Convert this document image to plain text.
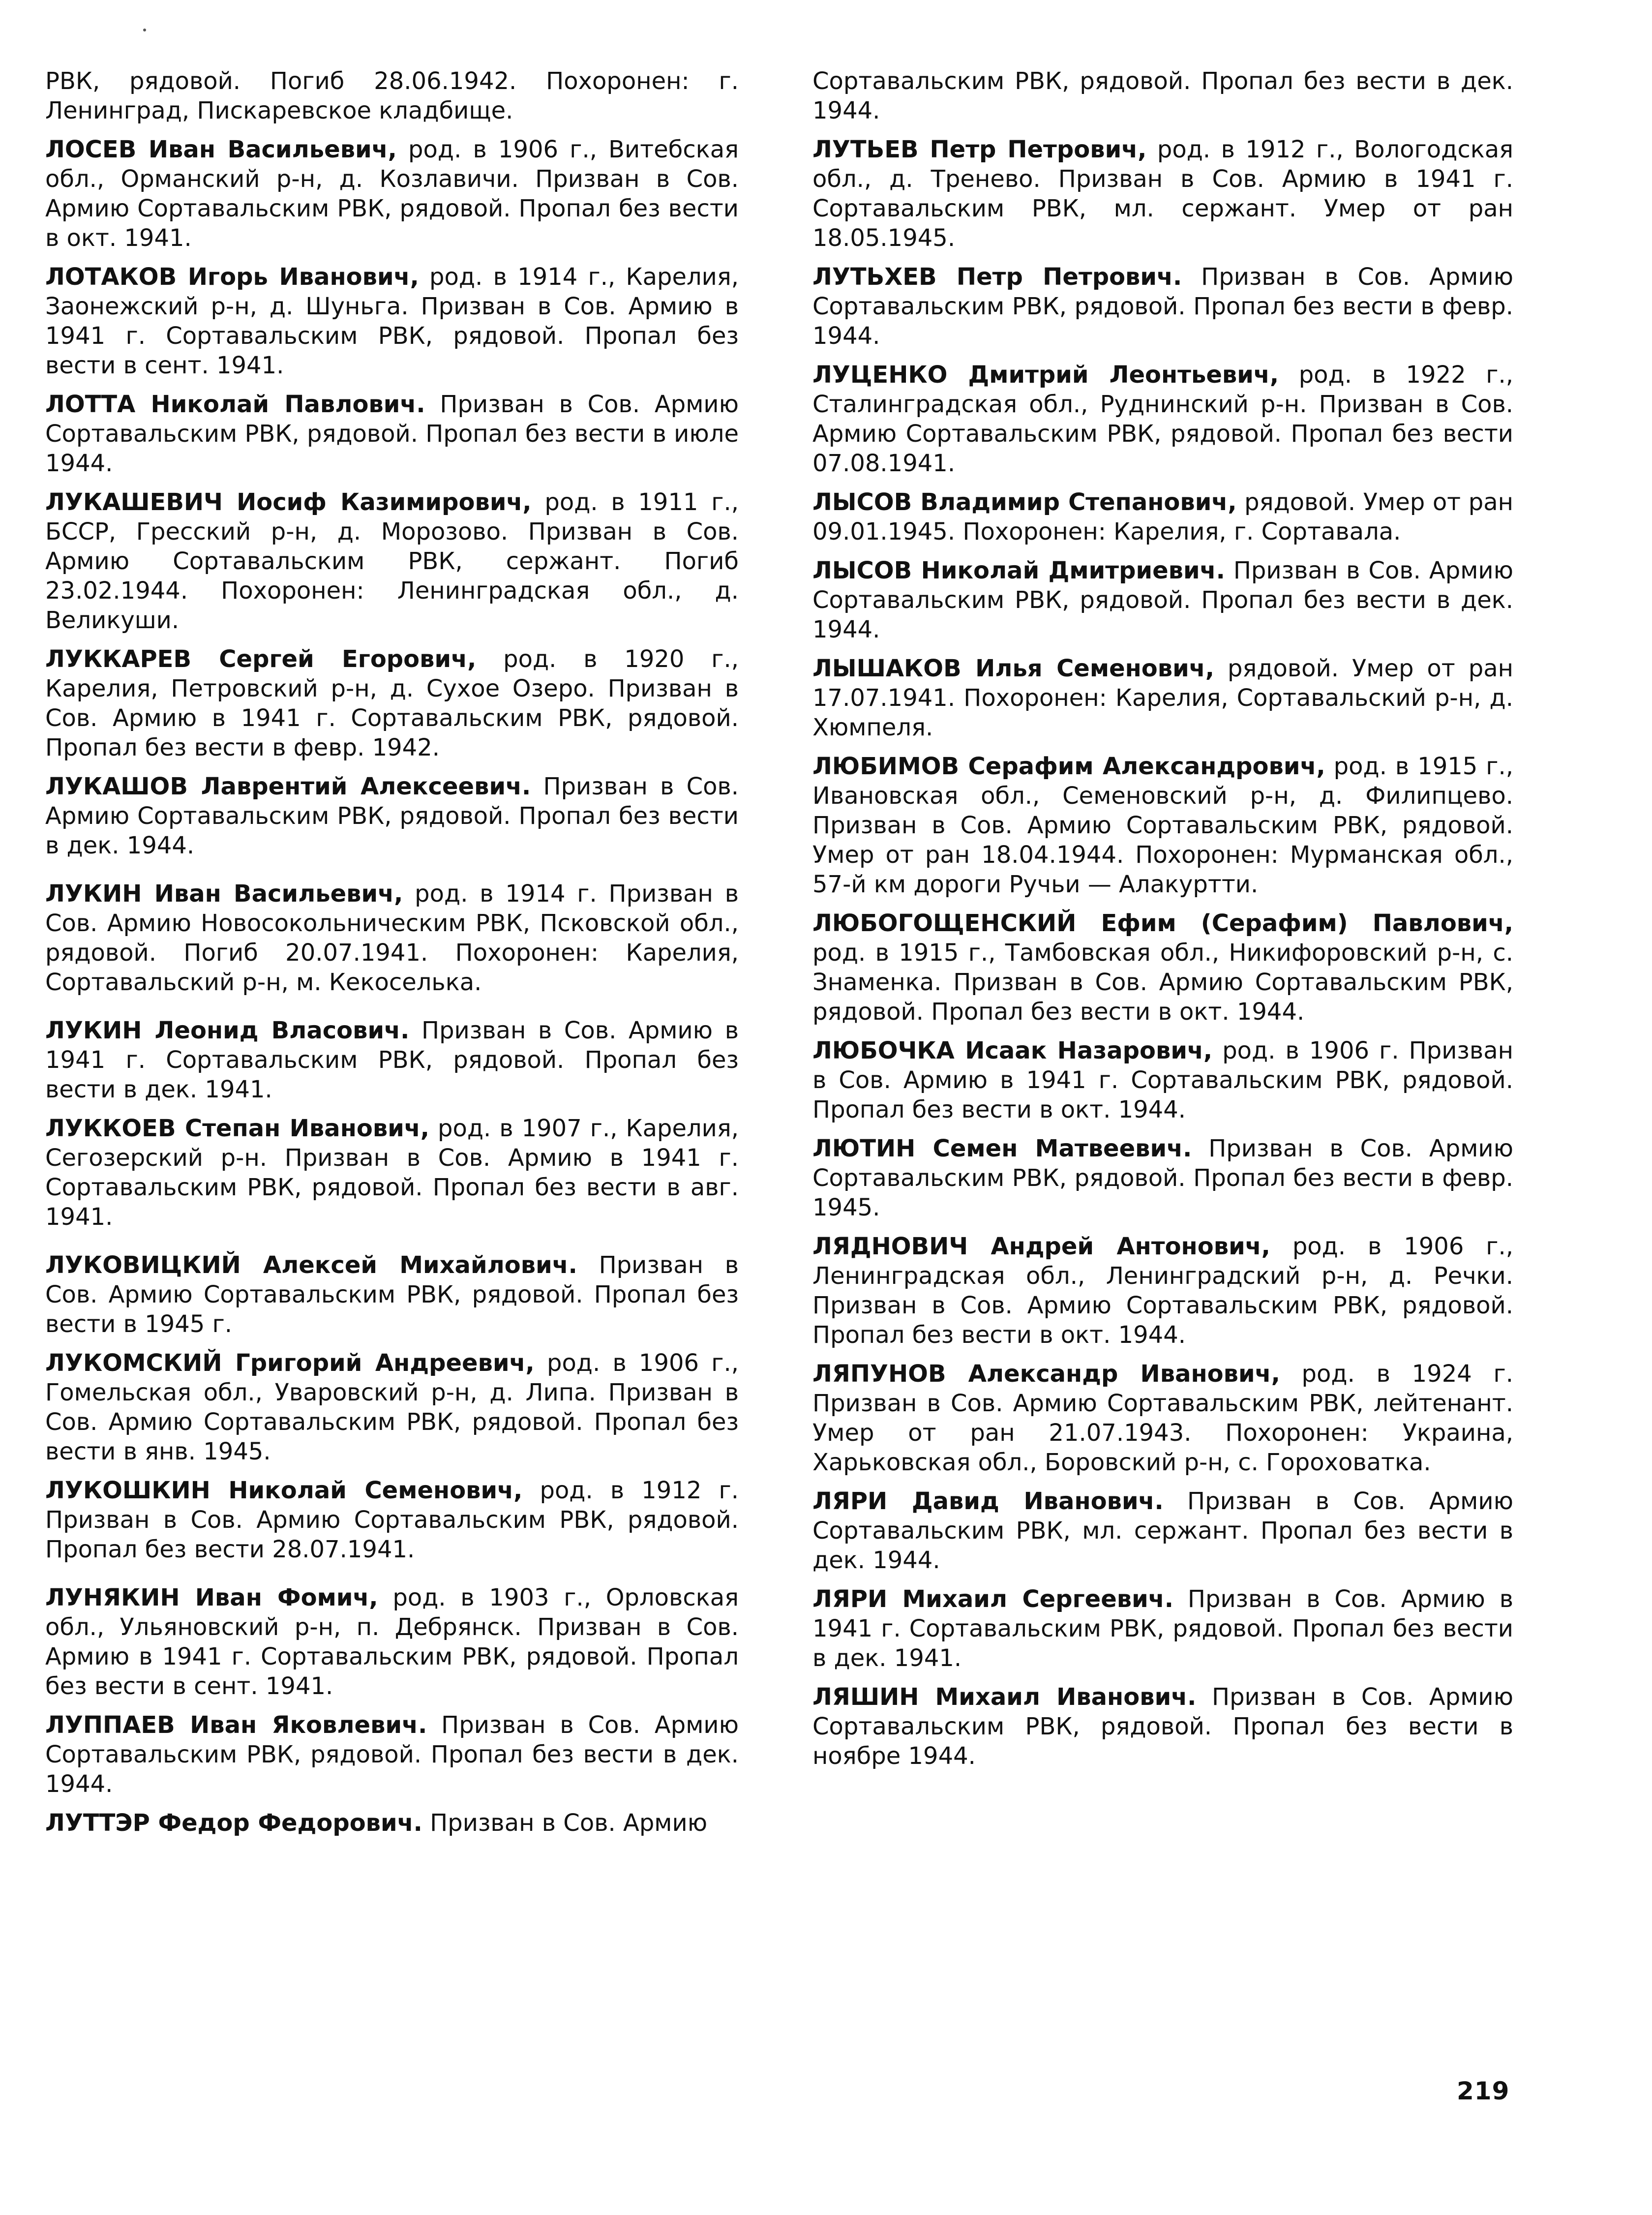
РВК, рядовой. Погиб 28.06.1942. Похоронен: г. Ленинград, Пискаревское кладбище.

ЛОСЕВ Иван Васильевич, род. в 1906 г., Витебская обл., Орманский р-н, д. Козлавичи. Призван в Сов. Армию Сортавальским РВК, рядовой. Пропал без вести в окт. 1941.

ЛОТАКОВ Игорь Иванович, род. в 1914 г., Карелия, Заонежский р-н, д. Шуньга. Призван в Сов. Армию в 1941 г. Сортавальским РВК, рядовой. Пропал без вести в сент. 1941.

ЛОТТА Николай Павлович. Призван в Сов. Армию Сортавальским РВК, рядовой. Пропал без вести в июле 1944.

ЛУКАШЕВИЧ Иосиф Казимирович, род. в 1911 г., БССР, Гресский р-н, д. Морозово. Призван в Сов. Армию Сортавальским РВК, сержант. Погиб 23.02.1944. Похоронен: Ленинградская обл., д. Великуши.

ЛУККАРЕВ Сергей Егорович, род. в 1920 г., Карелия, Петровский р-н, д. Сухое Озеро. Призван в Сов. Армию в 1941 г. Сортавальским РВК, рядовой. Пропал без вести в февр. 1942.

ЛУКАШОВ Лаврентий Алексеевич. Призван в Сов. Армию Сортавальским РВК, рядовой. Пропал без вести в дек. 1944.

ЛУКИН Иван Васильевич, род. в 1914 г. Призван в Сов. Армию Новосокольническим РВК, Псковской обл., рядовой. Погиб 20.07.1941. Похоронен: Карелия, Сортавальский р-н, м. Кекоселька.

ЛУКИН Леонид Власович. Призван в Сов. Армию в 1941 г. Сортавальским РВК, рядовой. Пропал без вести в дек. 1941.

ЛУККОЕВ Степан Иванович, род. в 1907 г., Карелия, Сегозерский р-н. Призван в Сов. Армию в 1941 г. Сортавальским РВК, рядовой. Пропал без вести в авг. 1941.

ЛУКОВИЦКИЙ Алексей Михайлович. Призван в Сов. Армию Сортавальским РВК, рядовой. Пропал без вести в 1945 г.

ЛУКОМСКИЙ Григорий Андреевич, род. в 1906 г., Гомельская обл., Уваровский р-н, д. Липа. Призван в Сов. Армию Сортавальским РВК, рядовой. Пропал без вести в янв. 1945.

ЛУКОШКИН Николай Семенович, род. в 1912 г. Призван в Сов. Армию Сортавальским РВК, рядовой. Пропал без вести 28.07.1941.

ЛУНЯКИН Иван Фомич, род. в 1903 г., Орловская обл., Ульяновский р-н, п. Дебрянск. Призван в Сов. Армию в 1941 г. Сортавальским РВК, рядовой. Пропал без вести в сент. 1941.

ЛУППАЕВ Иван Яковлевич. Призван в Сов. Армию Сортавальским РВК, рядовой. Пропал без вести в дек. 1944.

ЛУТТЭР Федор Федорович. Призван в Сов. Армию

Сортавальским РВК, рядовой. Пропал без вести в дек. 1944.

ЛУТЬЕВ Петр Петрович, род. в 1912 г., Вологодская обл., д. Тренево. Призван в Сов. Армию в 1941 г. Сортавальским РВК, мл. сержант. Умер от ран 18.05.1945.

ЛУТЬХЕВ Петр Петрович. Призван в Сов. Армию Сортавальским РВК, рядовой. Пропал без вести в февр. 1944.

ЛУЦЕНКО Дмитрий Леонтьевич, род. в 1922 г., Сталинградская обл., Руднинский р-н. Призван в Сов. Армию Сортавальским РВК, рядовой. Пропал без вести 07.08.1941.

ЛЫСОВ Владимир Степанович, рядовой. Умер от ран 09.01.1945. Похоронен: Карелия, г. Сортавала.

ЛЫСОВ Николай Дмитриевич. Призван в Сов. Армию Сортавальским РВК, рядовой. Пропал без вести в дек. 1944.

ЛЫШАКОВ Илья Семенович, рядовой. Умер от ран 17.07.1941. Похоронен: Карелия, Сортавальский р-н, д. Хюмпеля.

ЛЮБИМОВ Серафим Александрович, род. в 1915 г., Ивановская обл., Семеновский р-н, д. Филипцево. Призван в Сов. Армию Сортавальским РВК, рядовой. Умер от ран 18.04.1944. Похоронен: Мурманская обл., 57-й км дороги Ручьи — Алакуртти.

ЛЮБОГОЩЕНСКИЙ Ефим (Серафим) Павлович, род. в 1915 г., Тамбовская обл., Никифоровский р-н, с. Знаменка. Призван в Сов. Армию Сортавальским РВК, рядовой. Пропал без вести в окт. 1944.

ЛЮБОЧКА Исаак Назарович, род. в 1906 г. Призван в Сов. Армию в 1941 г. Сортавальским РВК, рядовой. Пропал без вести в окт. 1944.

ЛЮТИН Семен Матвеевич. Призван в Сов. Армию Сортавальским РВК, рядовой. Пропал без вести в февр. 1945.

ЛЯДНОВИЧ Андрей Антонович, род. в 1906 г., Ленинградская обл., Ленинградский р-н, д. Речки. Призван в Сов. Армию Сортавальским РВК, рядовой. Пропал без вести в окт. 1944.

ЛЯПУНОВ Александр Иванович, род. в 1924 г. Призван в Сов. Армию Сортавальским РВК, лейтенант. Умер от ран 21.07.1943. Похоронен: Украина, Харьковская обл., Боровский р-н, с. Гороховатка.

ЛЯРИ Давид Иванович. Призван в Сов. Армию Сортавальским РВК, мл. сержант. Пропал без вести в дек. 1944.

ЛЯРИ Михаил Сергеевич. Призван в Сов. Армию в 1941 г. Сортавальским РВК, рядовой. Пропал без вести в дек. 1941.

ЛЯШИН Михаил Иванович. Призван в Сов. Армию Сортавальским РВК, рядовой. Пропал без вести в ноябре 1944.

219
